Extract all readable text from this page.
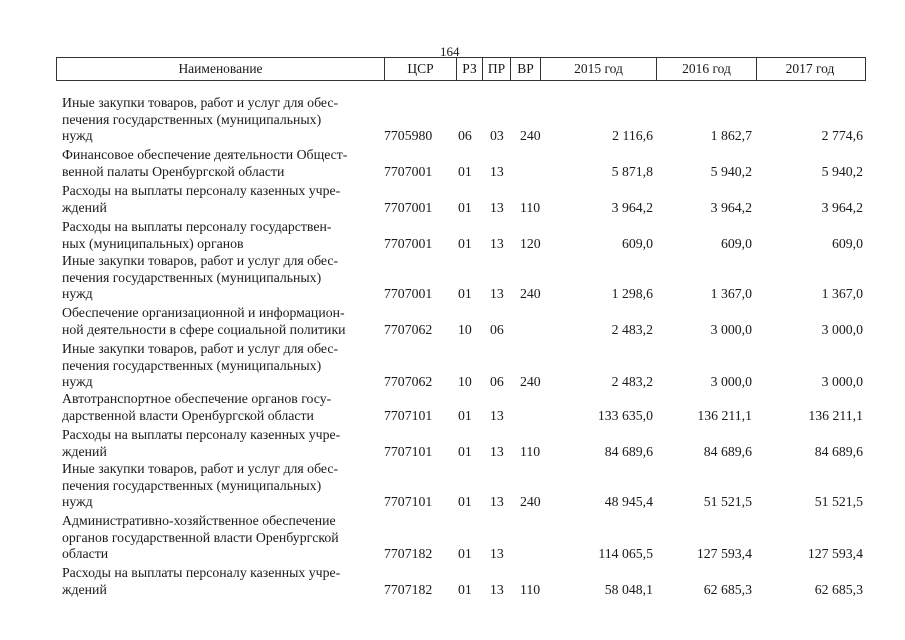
164
Наименование	ЦСР	РЗ ПР ВР	2015 год	2016 год	2017 год
Иные закупки товаров, работ и услуг для обес-
печения государственных (муниципальных)
нужд	7705980 06 03 240	2 116,6	1 862,7	2 774,6
Финансовое обеспечение деятельности Общест-
венной палаты Оренбургской области	7707001 01 13	5 871,8	5 940,2	5 940,2
Расходы на выплаты персоналу казенных учре-
ждений	7707001 01 13 110	3 964,2	3 964,2	3 964,2
Расходы на выплаты персоналу государствен-
ных (муниципальных) органов	7707001 01 13 120	609,0	609,0	609,0
Иные закупки товаров, работ и услуг для обес-
печения государственных (муниципальных)
нужд	7707001 01 13 240	1 298,6	1 367,0	1 367,0
Обеспечение организационной и информацион-
ной деятельности в сфере социальной политики	7707062 10 06	2 483,2	3 000,0	3 000,0
Иные закупки товаров, работ и услуг для обес-
печения государственных (муниципальных)
нужд	7707062 10 06 240	2 483,2	3 000,0	3 000,0
Автотранспортное обеспечение органов госу-
дарственной власти Оренбургской области	7707101 01 13	133 635,0	136 211,1	136 211,1
Расходы на выплаты персоналу казенных учре-
ждений	7707101 01 13 110	84 689,6	84 689,6	84 689,6
Иные закупки товаров, работ и услуг для обес-
печения государственных (муниципальных)
нужд	7707101 01 13 240	48 945,4	51 521,5	51 521,5
Административно-хозяйственное обеспечение
органов государственной власти Оренбургской
области	7707182 01 13	114 065,5	127 593,4	127 593,4
Расходы на выплаты персоналу казенных учре-
ждений	7707182 01 13 110	58 048,1	62 685,3	62 685,3
